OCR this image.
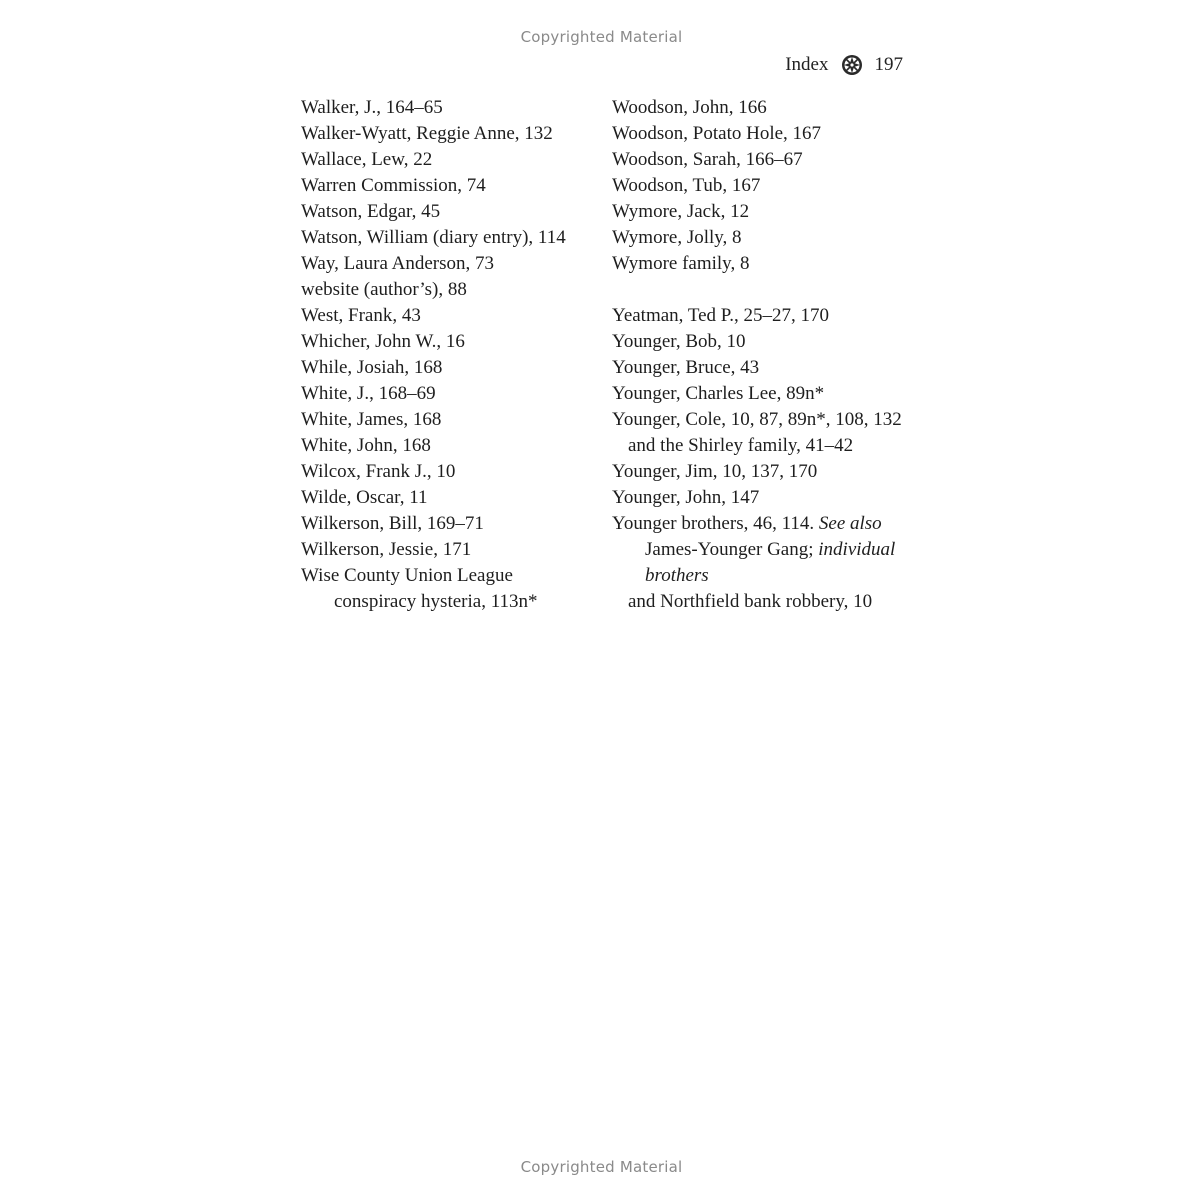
Copyrighted Material
Index 197
Walker, J., 164–65
Walker-Wyatt, Reggie Anne, 132
Wallace, Lew, 22
Warren Commission, 74
Watson, Edgar, 45
Watson, William (diary entry), 114
Way, Laura Anderson, 73
website (author’s), 88
West, Frank, 43
Whicher, John W., 16
While, Josiah, 168
White, J., 168–69
White, James, 168
White, John, 168
Wilcox, Frank J., 10
Wilde, Oscar, 11
Wilkerson, Bill, 169–71
Wilkerson, Jessie, 171
Wise County Union League
conspiracy hysteria, 113n*
Woodson, John, 166
Woodson, Potato Hole, 167
Woodson, Sarah, 166–67
Woodson, Tub, 167
Wymore, Jack, 12
Wymore, Jolly, 8
Wymore family, 8
Yeatman, Ted P., 25–27, 170
Younger, Bob, 10
Younger, Bruce, 43
Younger, Charles Lee, 89n*
Younger, Cole, 10, 87, 89n*, 108, 132
and the Shirley family, 41–42
Younger, Jim, 10, 137, 170
Younger, John, 147
Younger brothers, 46, 114. See also
James-Younger Gang; individual
brothers
and Northfield bank robbery, 10
Copyrighted Material
